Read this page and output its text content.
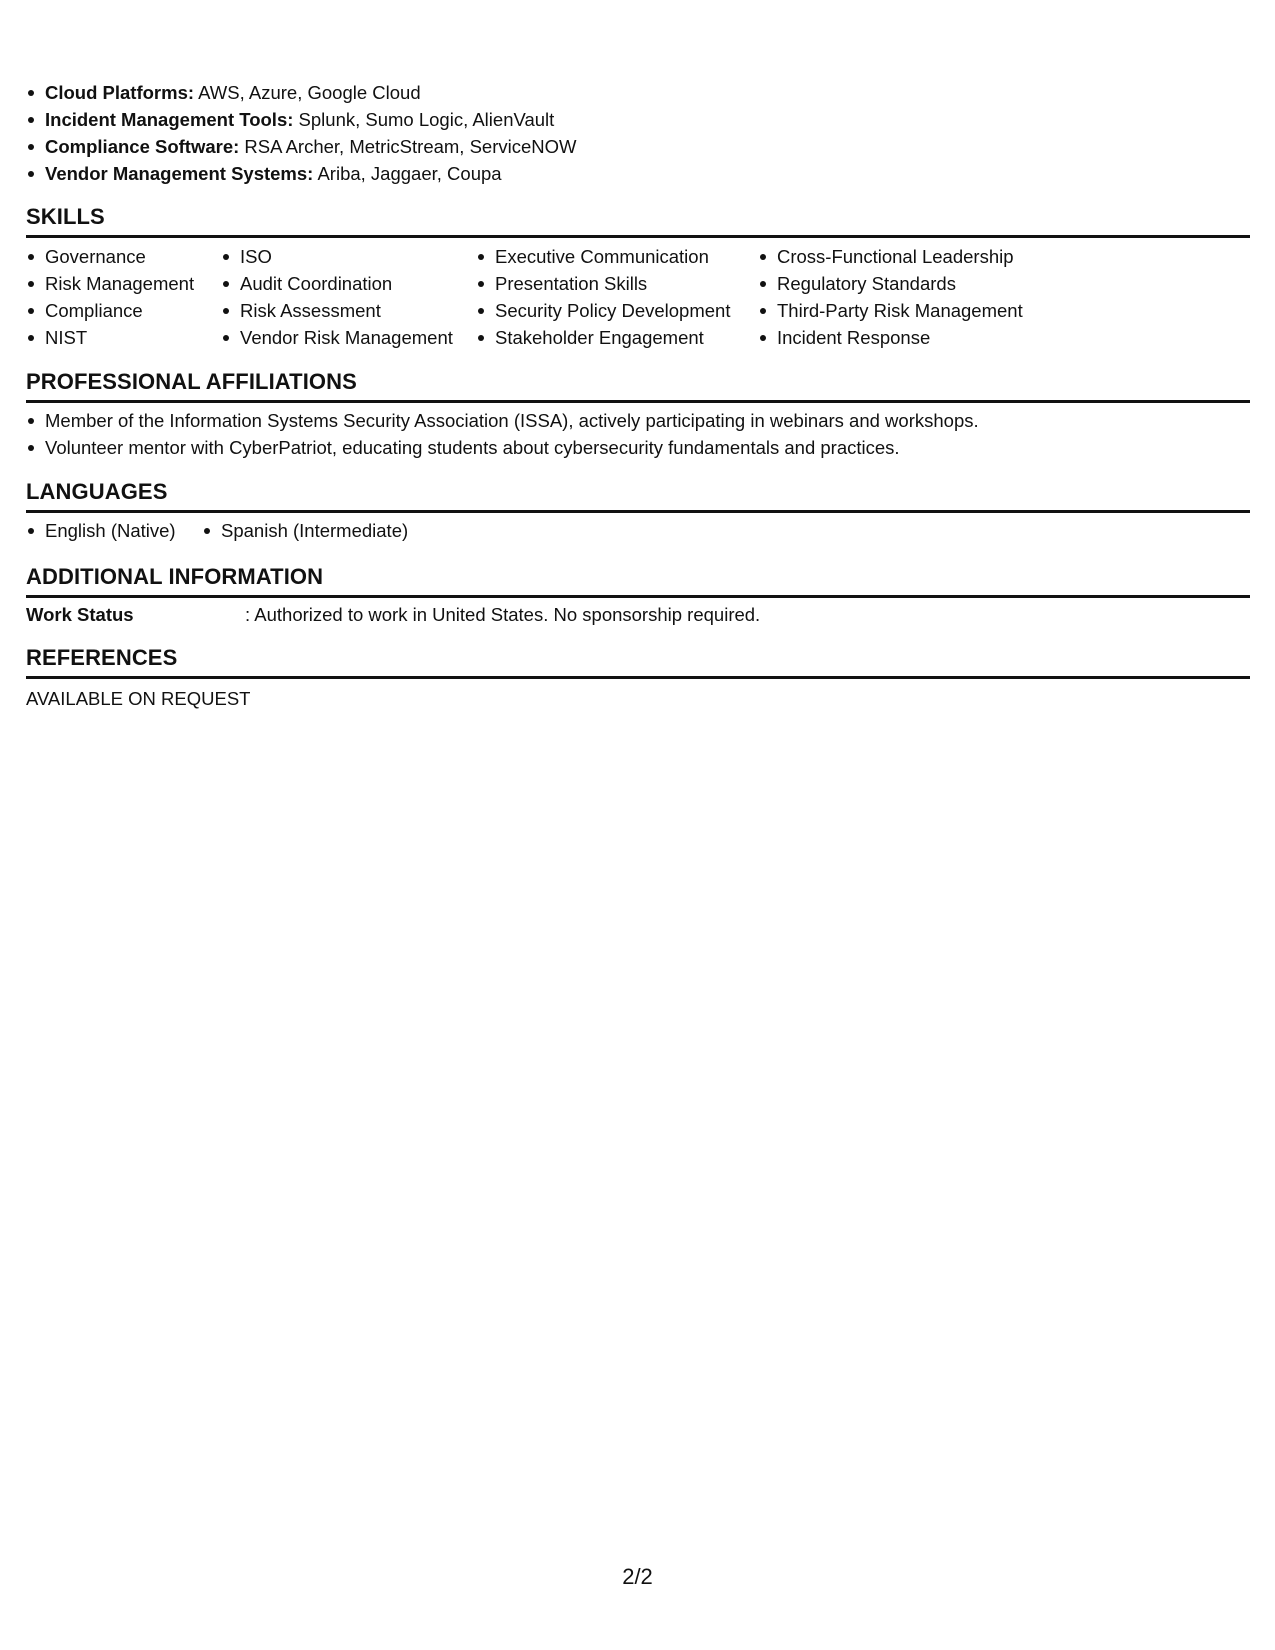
Cloud Platforms: AWS, Azure, Google Cloud
Incident Management Tools: Splunk, Sumo Logic, AlienVault
Compliance Software: RSA Archer, MetricStream, ServiceNOW
Vendor Management Systems: Ariba, Jaggaer, Coupa
SKILLS
Governance
Risk Management
Compliance
NIST
ISO
Audit Coordination
Risk Assessment
Vendor Risk Management
Executive Communication
Presentation Skills
Security Policy Development
Stakeholder Engagement
Cross-Functional Leadership
Regulatory Standards
Third-Party Risk Management
Incident Response
PROFESSIONAL AFFILIATIONS
Member of the Information Systems Security Association (ISSA), actively participating in webinars and workshops.
Volunteer mentor with CyberPatriot, educating students about cybersecurity fundamentals and practices.
LANGUAGES
English (Native)	Spanish (Intermediate)
ADDITIONAL INFORMATION
Work Status	: Authorized to work in United States. No sponsorship required.
REFERENCES
AVAILABLE ON REQUEST
2/2
